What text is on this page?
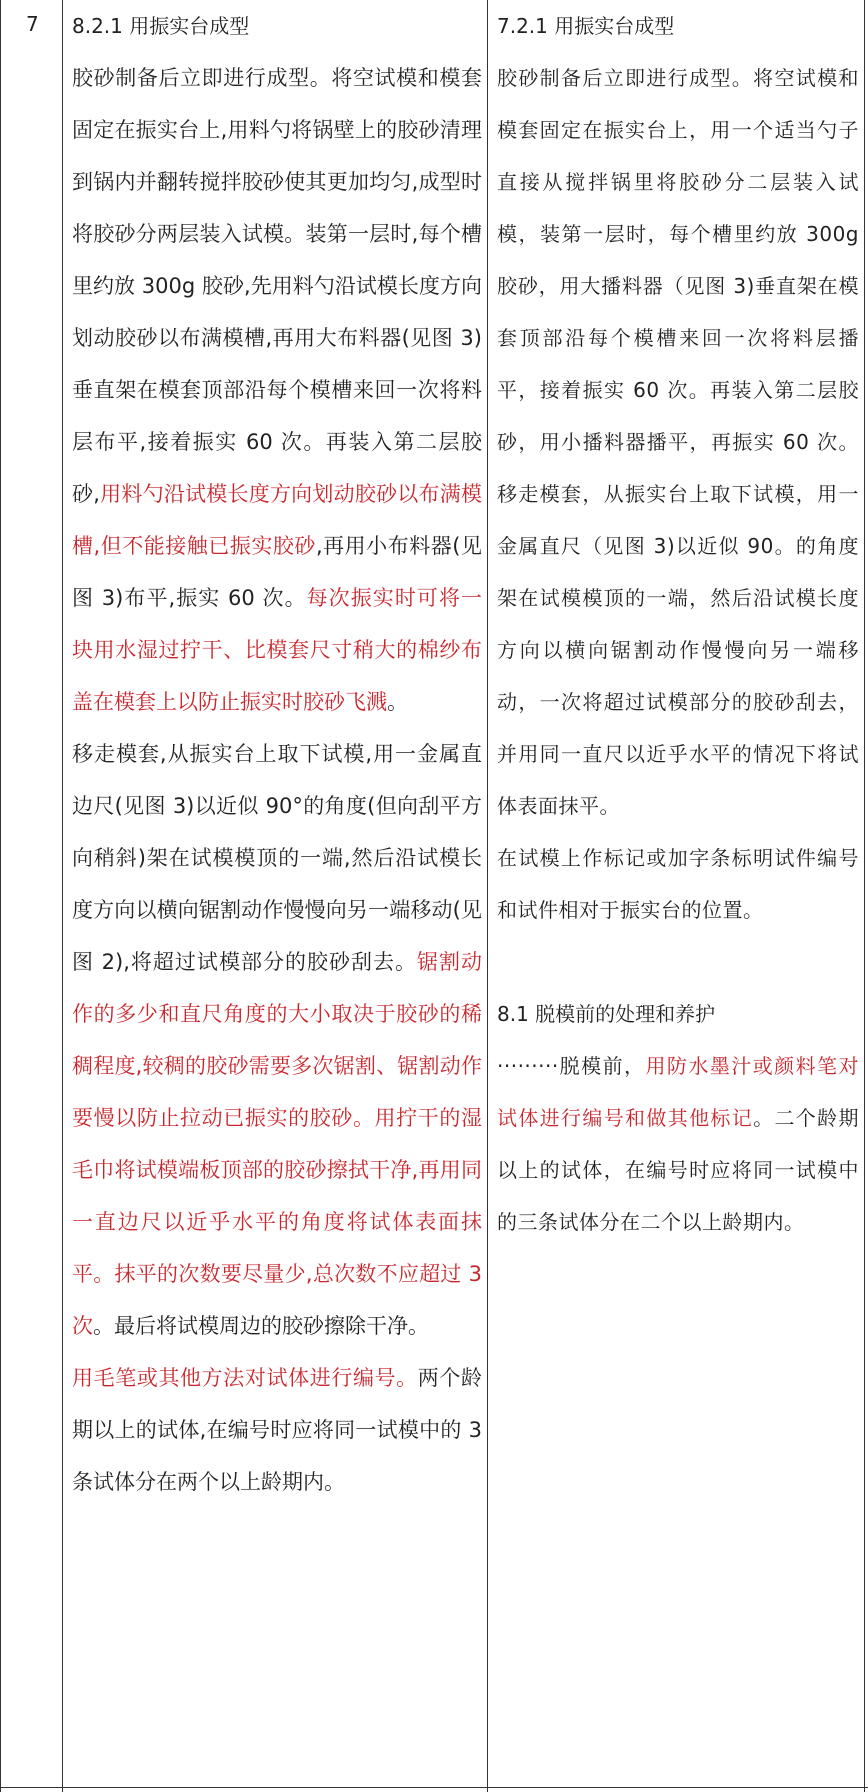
7 8.2.1 用振实台成型

胶砂制备后立即进行成型。将空试模和模套固定在振实台上,用料勺将锅壁上的胶砂清理到锅内并翻转搅拌胶砂使其更加均匀,成型时将胶砂分两层装入试模。装第一层时,每个槽里约放 300g 胶砂,先用料勺沿试模长度方向划动胶砂以布满模槽,再用大布料器(见图 3)垂直架在模套顶部沿每个模槽来回一次将料层布平,接着振实 60 次。再装入第二层胶砂,用料勺沿试模长度方向划动胶砂以布满模槽,但不能接触已振实胶砂,再用小布料器(见图 3)布平,振实 60 次。每次振实时可将一块用水湿过拧干、比模套尺寸稍大的棉纱布盖在模套上以防止振实时胶砂飞溅。

移走模套,从振实台上取下试模,用一金属直边尺(见图 3)以近似 90°的角度(但向刮平方向稍斜)架在试模模顶的一端,然后沿试模长度方向以横向锯割动作慢慢向另一端移动(见图 2),将超过试模部分的胶砂刮去。锯割动作的多少和直尺角度的大小取决于胶砂的稀稠程度,较稠的胶砂需要多次锯割、锯割动作要慢以防止拉动已振实的胶砂。用拧干的湿毛巾将试模端板顶部的胶砂擦拭干净,再用同一直边尺以近乎水平的角度将试体表面抹平。抹平的次数要尽量少,总次数不应超过 3 次。最后将试模周边的胶砂擦除干净。

用毛笔或其他方法对试体进行编号。两个龄期以上的试体,在编号时应将同一试模中的 3 条试体分在两个以上龄期内。

7.2.1 用振实台成型

胶砂制备后立即进行成型。将空试模和模套固定在振实台上，用一个适当勺子直接从搅拌锅里将胶砂分二层装入试模，装第一层时，每个槽里约放 300g 胶砂，用大播料器（见图 3)垂直架在模套顶部沿每个模槽来回一次将料层播平，接着振实 60 次。再装入第二层胶砂，用小播料器播平，再振实 60 次。移走模套，从振实台上取下试模，用一金属直尺（见图 3)以近似 90。的角度架在试模模顶的一端，然后沿试模长度方向以横向锯割动作慢慢向另一端移动，一次将超过试模部分的胶砂刮去，并用同一直尺以近乎水平的情况下将试体表面抹平。

在试模上作标记或加字条标明试件编号和试件相对于振实台的位置。

8.1 脱模前的处理和养护

·········脱模前，用防水墨汁或颜料笔对试体进行编号和做其他标记。二个龄期以上的试体，在编号时应将同一试模中的三条试体分在二个以上龄期内。
